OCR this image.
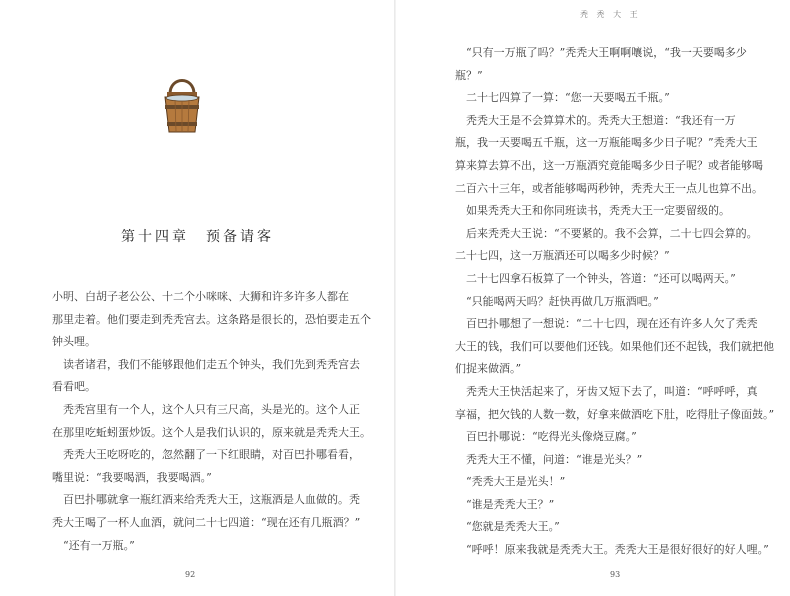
秃 秃 大 王
第十四章　预备请客
92	93

小明、白胡子老公公、十二个小咪咪、大狮和许多许多人都在

那里走着。他们要走到秃秃宫去。这条路是很长的，恐怕要走五个

钟头哩。

　读者诸君，我们不能够跟他们走五个钟头，我们先到秃秃宫去

看看吧。

　秃秃宫里有一个人，这个人只有三尺高，头是光的。这个人正

在那里吃蚯蚓蛋炒饭。这个人是我们认识的，原来就是秃秃大王。

　秃秃大王吃呀吃的，忽然翻了一下红眼睛，对百巴扑哪看看，

嘴里说：“我要喝酒，我要喝酒。”

　百巴扑哪就拿一瓶红酒来给秃秃大王，这瓶酒是人血做的。秃

秃大王喝了一杯人血酒，就问二十七四道：“现在还有几瓶酒？”

　“还有一万瓶。”

　“只有一万瓶了吗？”秃秃大王啊啊嚷说，“我一天要喝多少

瓶？”

　二十七四算了一算：“您一天要喝五千瓶。”

　秃秃大王是不会算算术的。秃秃大王想道：“我还有一万

瓶，我一天要喝五千瓶，这一万瓶能喝多少日子呢？”秃秃大王

算来算去算不出，这一万瓶酒究竟能喝多少日子呢？或者能够喝

二百六十三年，或者能够喝两秒钟，秃秃大王一点儿也算不出。

　如果秃秃大王和你同班读书，秃秃大王一定要留级的。

　后来秃秃大王说：“不要紧的。我不会算，二十七四会算的。

二十七四，这一万瓶酒还可以喝多少时候？”

　二十七四拿石板算了一个钟头，答道：“还可以喝两天。”

　“只能喝两天吗？赶快再做几万瓶酒吧。”

　百巴扑哪想了一想说：“二十七四，现在还有许多人欠了秃秃

大王的钱，我们可以要他们还钱。如果他们还不起钱，我们就把他

们捉来做酒。”

　秃秃大王快活起来了，牙齿又短下去了，叫道：“呼呼呼，真

享福，把欠钱的人数一数，好拿来做酒吃下肚，吃得肚子像面鼓。”

　百巴扑哪说：“吃得光头像烧豆腐。”

　秃秃大王不懂，问道：“谁是光头？”

　“秃秃大王是光头！”

　“谁是秃秃大王？”

　“您就是秃秃大王。”

　“呼呼！原来我就是秃秃大王。秃秃大王是很好很好的好人哩。”
